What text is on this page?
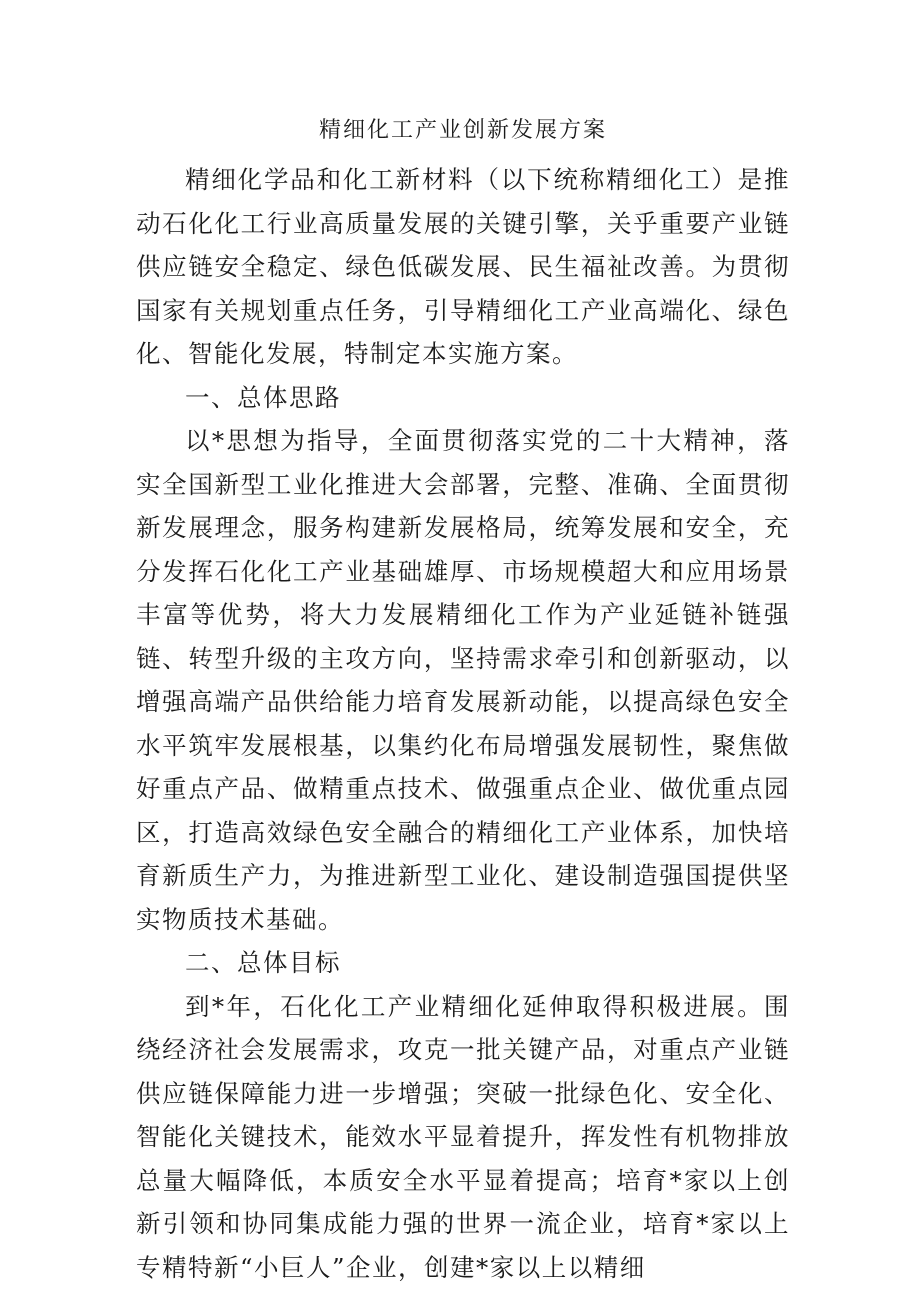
精细化工产业创新发展方案

精细化学品和化工新材料（以下统称精细化工）是推动石化化工行业高质量发展的关键引擎，关乎重要产业链供应链安全稳定、绿色低碳发展、民生福祉改善。为贯彻国家有关规划重点任务，引导精细化工产业高端化、绿色化、智能化发展，特制定本实施方案。

一、总体思路

以*思想为指导，全面贯彻落实党的二十大精神，落实全国新型工业化推进大会部署，完整、准确、全面贯彻新发展理念，服务构建新发展格局，统筹发展和安全，充分发挥石化化工产业基础雄厚、市场规模超大和应用场景丰富等优势，将大力发展精细化工作为产业延链补链强链、转型升级的主攻方向，坚持需求牵引和创新驱动，以增强高端产品供给能力培育发展新动能，以提高绿色安全水平筑牢发展根基，以集约化布局增强发展韧性，聚焦做好重点产品、做精重点技术、做强重点企业、做优重点园区，打造高效绿色安全融合的精细化工产业体系，加快培育新质生产力，为推进新型工业化、建设制造强国提供坚实物质技术基础。

二、总体目标

到*年，石化化工产业精细化延伸取得积极进展。围绕经济社会发展需求，攻克一批关键产品，对重点产业链供应链保障能力进一步增强；突破一批绿色化、安全化、智能化关键技术，能效水平显着提升，挥发性有机物排放总量大幅降低，本质安全水平显着提高；培育*家以上创新引领和协同集成能力强的世界一流企业，培育*家以上专精特新“小巨人”企业，创建*家以上以精细
